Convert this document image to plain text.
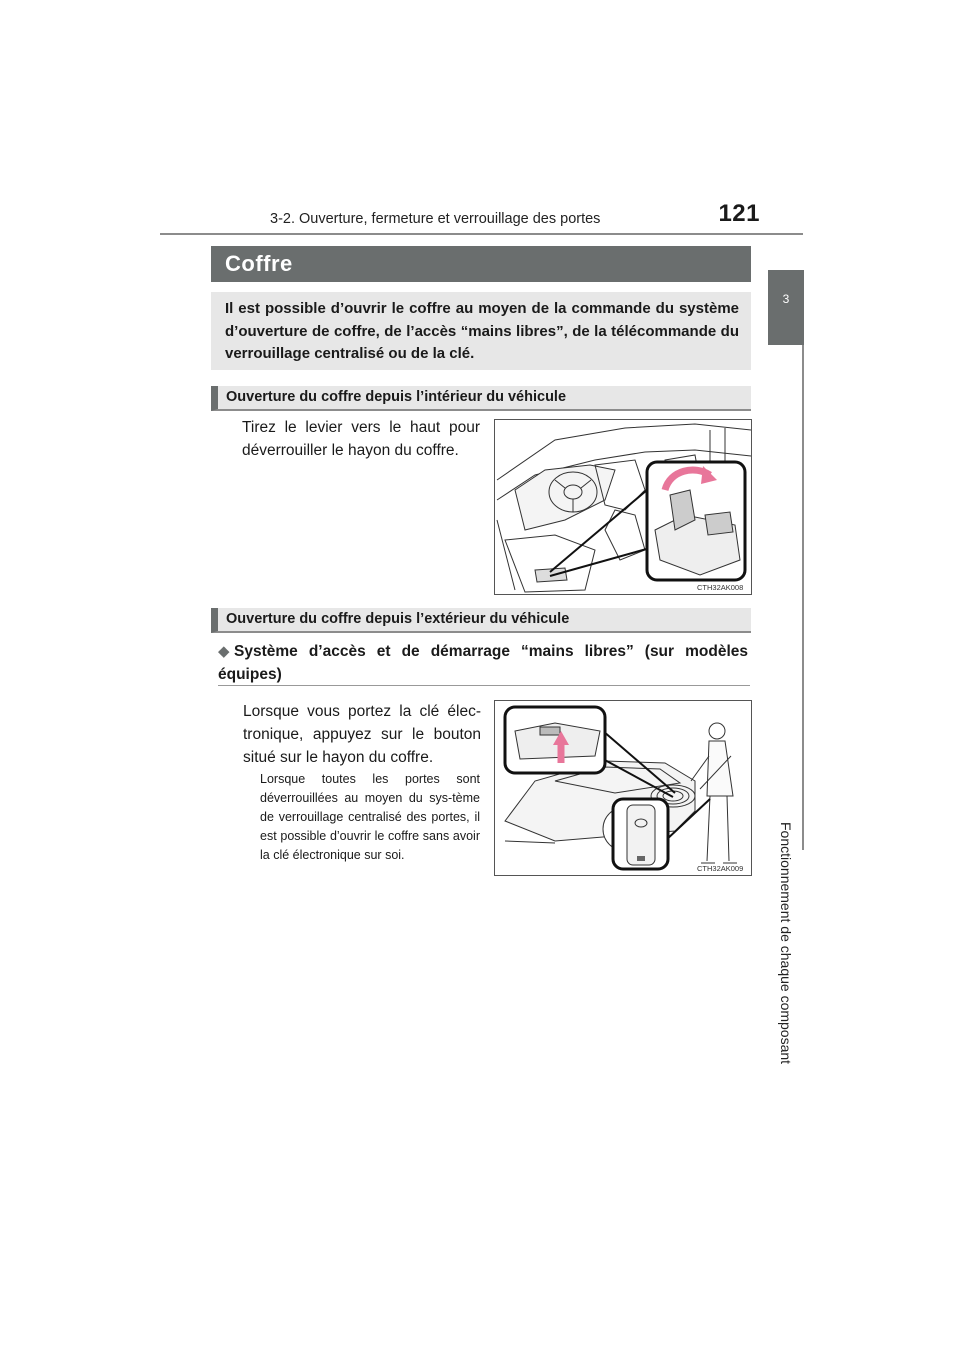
3-2. Ouverture, fermeture et verrouillage des portes	121
3
Fonctionnement de chaque composant
Coffre
Il est possible d’ouvrir le coffre au moyen de la commande du système d’ouverture de coffre, de l’accès “mains libres”, de la télécommande du verrouillage centralisé ou de la clé.
Ouverture du coffre depuis l’intérieur du véhicule
Tirez le levier vers le haut pour déverrouiller le hayon du coffre.
CTH32AK008
Ouverture du coffre depuis l’extérieur du véhicule
◆ Système d’accès et de démarrage “mains libres” (sur modèles équipes)
Lorsque vous portez la clé élec-tronique, appuyez sur le bouton situé sur le hayon du coffre.
Lorsque toutes les portes sont déverrouillées au moyen du sys-tème de verrouillage centralisé des portes, il est possible d’ouvrir le coffre sans avoir la clé électronique sur soi.
CTH32AK009
